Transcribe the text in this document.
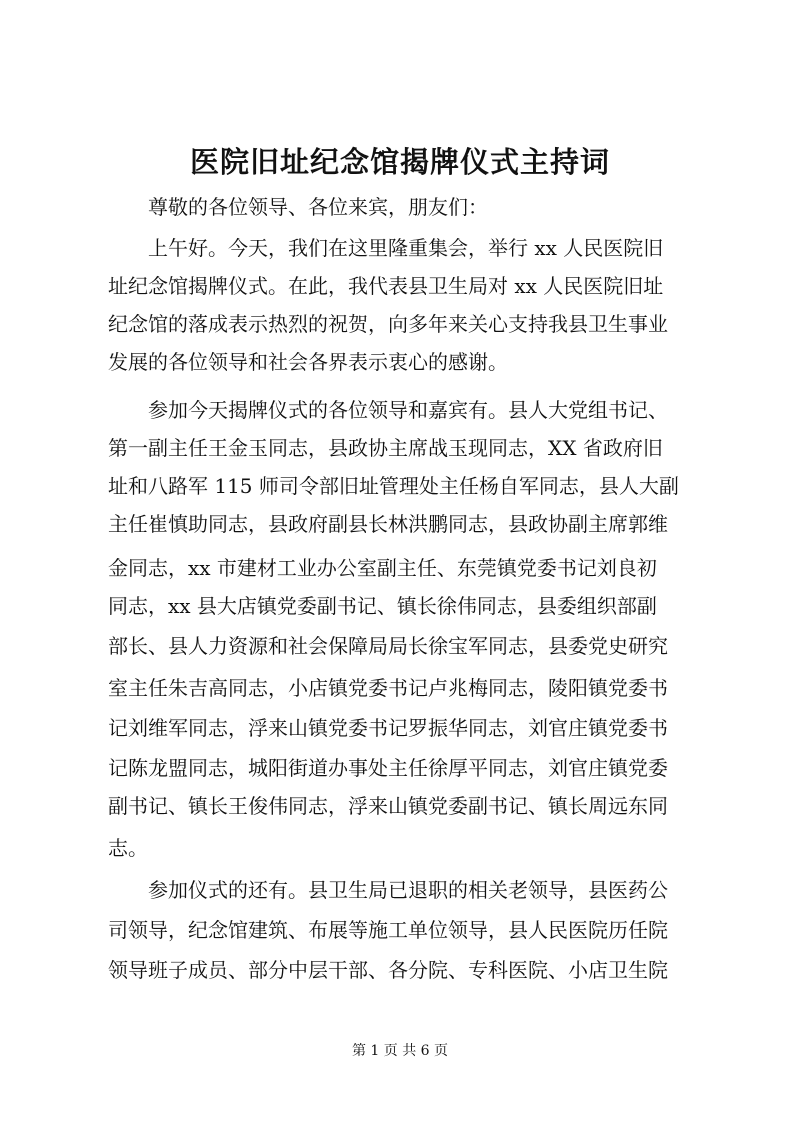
医院旧址纪念馆揭牌仪式主持词

尊敬的各位领导、各位来宾，朋友们：

上午好。今天，我们在这里隆重集会，举行 xx 人民医院旧

址纪念馆揭牌仪式。在此，我代表县卫生局对 xx 人民医院旧址

纪念馆的落成表示热烈的祝贺，向多年来关心支持我县卫生事业

发展的各位领导和社会各界表示衷心的感谢。

参加今天揭牌仪式的各位领导和嘉宾有。县人大党组书记、

第一副主任王金玉同志，县政协主席战玉现同志，XX 省政府旧

址和八路军 115 师司令部旧址管理处主任杨自军同志，县人大副

主任崔慎助同志，县政府副县长林洪鹏同志，县政协副主席郭维

金同志，xx 市建材工业办公室副主任、东莞镇党委书记刘良初

同志，xx 县大店镇党委副书记、镇长徐伟同志，县委组织部副

部长、县人力资源和社会保障局局长徐宝军同志，县委党史研究

室主任朱吉高同志，小店镇党委书记卢兆梅同志，陵阳镇党委书

记刘维军同志，浮来山镇党委书记罗振华同志，刘官庄镇党委书

记陈龙盟同志，城阳街道办事处主任徐厚平同志，刘官庄镇党委

副书记、镇长王俊伟同志，浮来山镇党委副书记、镇长周远东同

志。

参加仪式的还有。县卫生局已退职的相关老领导，县医药公

司领导，纪念馆建筑、布展等施工单位领导，县人民医院历任院

领导班子成员、部分中层干部、各分院、专科医院、小店卫生院

第 1 页 共 6 页
